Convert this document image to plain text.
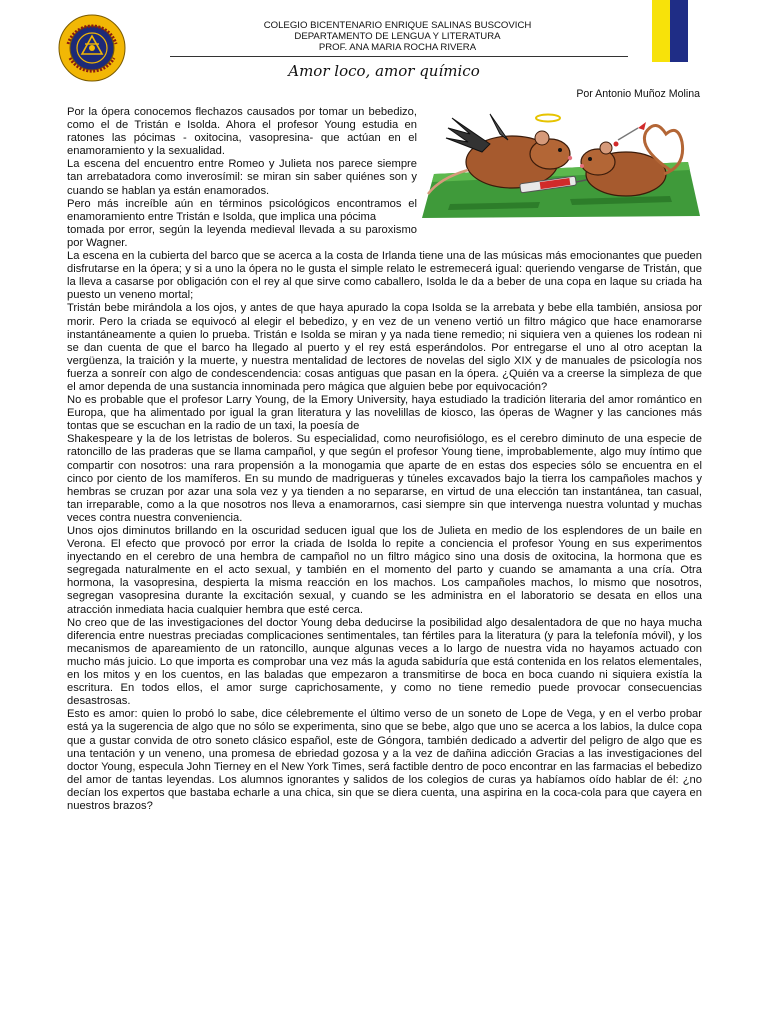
COLEGIO BICENTENARIO ENRIQUE SALINAS BUSCOVICH
DEPARTAMENTO DE LENGUA Y LITERATURA
PROF. ANA MARIA ROCHA RIVERA
Amor loco, amor químico
Por Antonio Muñoz Molina

Por la ópera conocemos flechazos causados por tomar un bebedizo, como el de Tristán e Isolda. Ahora el profesor Young estudia en ratones las pócimas - oxitocina, vasopresina- que actúan en el enamoramiento y la sexualidad.

La escena del encuentro entre Romeo y Julieta nos parece siempre tan arrebatadora como inverosímil: se miran sin saber quiénes son y cuando se hablan ya están enamorados.

Pero más increíble aún en términos psicológicos encontramos el enamoramiento entre Tristán e Isolda, que implica una pócima

tomada por error, según la leyenda medieval llevada a su paroxismo por Wagner.

La escena en la cubierta del barco que se acerca a la costa de Irlanda tiene una de las músicas más emocionantes que pueden disfrutarse en la ópera; y si a uno la ópera no le gusta el simple relato le estremecerá igual: queriendo vengarse de Tristán, que la lleva a casarse por obligación con el rey al que sirve como caballero, Isolda le da a beber de una copa en laque su criada ha puesto un veneno mortal;

Tristán bebe mirándola a los ojos, y antes de que haya apurado la copa Isolda se la arrebata y bebe ella también, ansiosa por morir. Pero la criada se equivocó al elegir el bebedizo, y en vez de un veneno vertió un filtro mágico que hace enamorarse instantáneamente a quien lo prueba. Tristán e Isolda se miran y ya nada tiene remedio; ni siquiera ven a quienes los rodean ni se dan cuenta de que el barco ha llegado al puerto y el rey está esperándolos. Por entregarse el uno al otro aceptan la vergüenza, la traición y la muerte, y nuestra mentalidad de lectores de novelas del siglo XIX y de manuales de psicología nos fuerza a sonreír con algo de condescendencia: cosas antiguas que pasan en la ópera. ¿Quién va a creerse la simpleza de que el amor dependa de una sustancia innominada pero mágica que alguien bebe por equivocación?

No es probable que el profesor Larry Young, de la Emory University, haya estudiado la tradición literaria del amor romántico en Europa, que ha alimentado por igual la gran literatura y las novelillas de kiosco, las óperas de Wagner y las canciones más tontas que se escuchan en la radio de un taxi, la poesía de

Shakespeare y la de los letristas de boleros. Su especialidad, como neurofisiólogo, es el cerebro diminuto de una especie de ratoncillo de las praderas que se llama campañol, y que según el profesor Young tiene, improbablemente, algo muy íntimo que compartir con nosotros: una rara propensión a la monogamia que aparte de en estas dos especies sólo se encuentra en el cinco por ciento de los mamíferos. En su mundo de madrigueras y túneles excavados bajo la tierra los campañoles machos y hembras se cruzan por azar una sola vez y ya tienden a no separarse, en virtud de una elección tan instantánea, tan casual, tan irreparable, como a la que nosotros nos lleva a enamorarnos, casi siempre sin que intervenga nuestra voluntad y muchas veces contra nuestra conveniencia.

Unos ojos diminutos brillando en la oscuridad seducen igual que los de Julieta en medio de los esplendores de un baile en Verona. El efecto que provocó por error la criada de Isolda lo repite a conciencia el profesor Young en sus experimentos inyectando en el cerebro de una hembra de campañol no un filtro mágico sino una dosis de oxitocina, la hormona que es segregada naturalmente en el acto sexual, y también en el momento del parto y cuando se amamanta a una cría. Otra hormona, la vasopresina, despierta la misma reacción en los machos. Los campañoles machos, lo mismo que nosotros, segregan vasopresina durante la excitación sexual, y cuando se les administra en el laboratorio se desata en ellos una atracción inmediata hacia cualquier hembra que esté cerca.

No creo que de las investigaciones del doctor Young deba deducirse la posibilidad algo desalentadora de que no haya mucha diferencia entre nuestras preciadas complicaciones sentimentales, tan fértiles para la literatura (y para la telefonía móvil), y los mecanismos de apareamiento de un ratoncillo, aunque algunas veces a lo largo de nuestra vida no hayamos actuado con mucho más juicio. Lo que importa es comprobar una vez más la aguda sabiduría que está contenida en los relatos elementales, en los mitos y en los cuentos, en las baladas que empezaron a transmitirse de boca en boca cuando ni siquiera existía la escritura. En todos ellos, el amor surge caprichosamente, y como no tiene remedio puede provocar consecuencias desastrosas.

Esto es amor: quien lo probó lo sabe, dice célebremente el último verso de un soneto de Lope de Vega, y en el verbo probar está ya la sugerencia de algo que no sólo se experimenta, sino que se bebe, algo que uno se acerca a los labios, la dulce copa que a gustar convida de otro soneto clásico español, este de Góngora, también dedicado a advertir del peligro de algo que es una tentación y un veneno, una promesa de ebriedad gozosa y a la vez de dañina adicción Gracias a las investigaciones del doctor Young, especula John Tierney en el New York Times, será factible dentro de poco encontrar en las farmacias el bebedizo del amor de tantas leyendas. Los alumnos ignorantes y salidos de los colegios de curas ya habíamos oído hablar de él: ¿no decían los expertos que bastaba echarle a una chica, sin que se diera cuenta, una aspirina en la coca-cola para que cayera en nuestros brazos?
